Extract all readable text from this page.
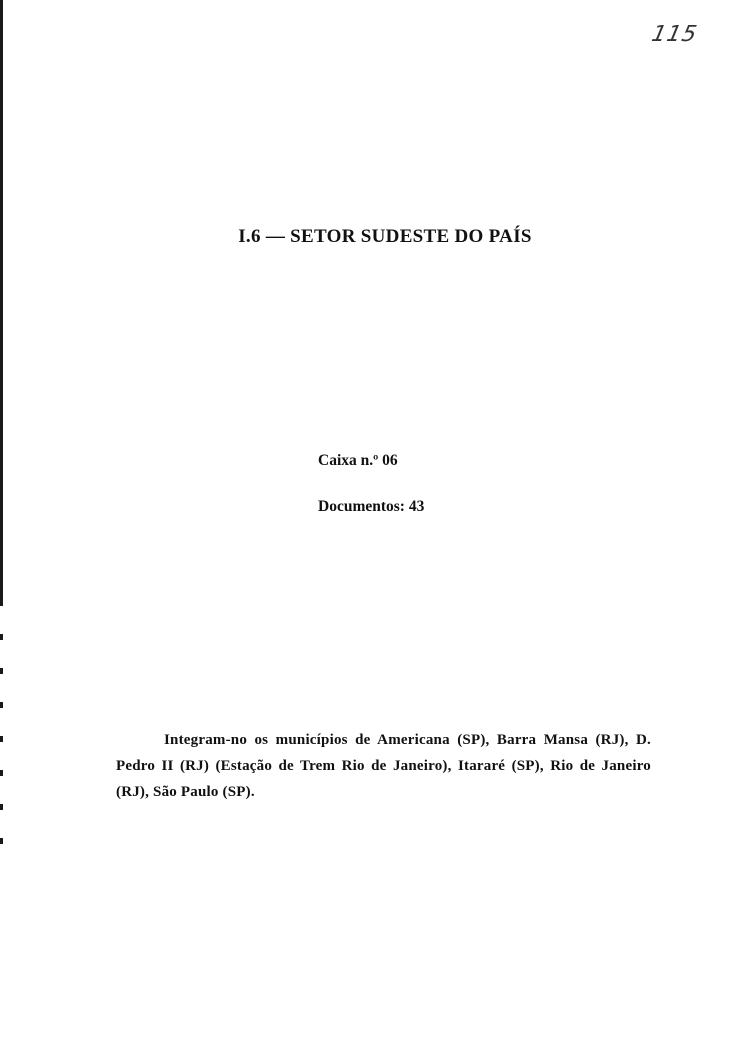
115
I.6 — SETOR SUDESTE DO PAÍS
Caixa n.º 06
Documentos: 43

Integram-no os municípios de Americana (SP), Barra Mansa (RJ), D. Pedro II (RJ) (Estação de Trem Rio de Janeiro), Itararé (SP), Rio de Janeiro (RJ), São Paulo (SP).
